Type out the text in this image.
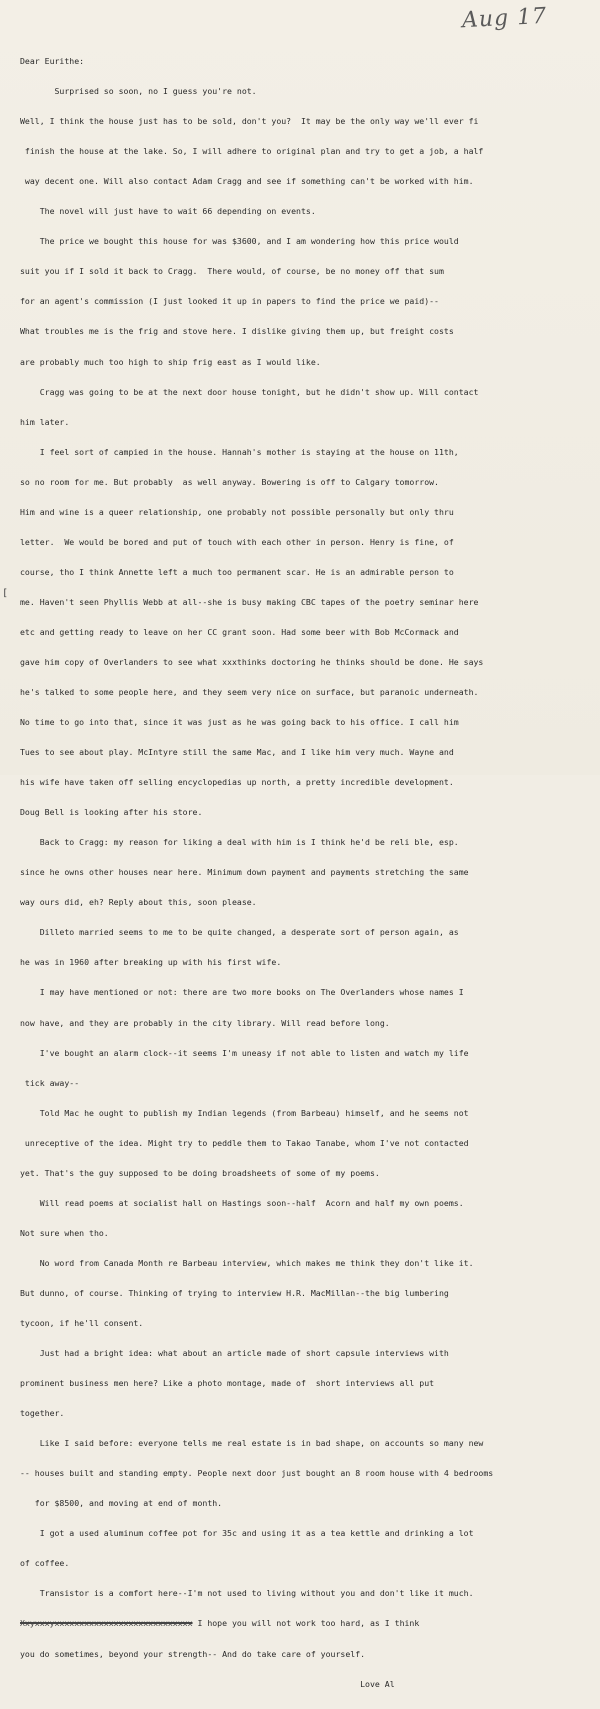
Aug 17
[

Dear Eurithe:

Surprised so soon, no I guess you're not.

Well, I think the house just has to be sold, don't you?  It may be the only way we'll ever fi

finish the house at the lake. So, I will adhere to original plan and try to get a job, a half

way decent one. Will also contact Adam Cragg and see if something can't be worked with him.

The novel will just have to wait 66 depending on events.

The price we bought this house for was $3600, and I am wondering how this price would

suit you if I sold it back to Cragg.  There would, of course, be no money off that sum

for an agent's commission (I just looked it up in papers to find the price we paid)--

What troubles me is the frig and stove here. I dislike giving them up, but freight costs

are probably much too high to ship frig east as I would like.

Cragg was going to be at the next door house tonight, but he didn't show up. Will contact

him later.

I feel sort of campied in the house. Hannah's mother is staying at the house on 11th,

so no room for me. But probably  as well anyway. Bowering is off to Calgary tomorrow.

Him and wine is a queer relationship, one probably not possible personally but only thru

letter.  We would be bored and put of touch with each other in person. Henry is fine, of

course, tho I think Annette left a much too permanent scar. He is an admirable person to

me. Haven't seen Phyllis Webb at all--she is busy making CBC tapes of the poetry seminar here

etc and getting ready to leave on her CC grant soon. Had some beer with Bob McCormack and

gave him copy of Overlanders to see what xxxthinks doctoring he thinks should be done. He says

he's talked to some people here, and they seem very nice on surface, but paranoic underneath.

No time to go into that, since it was just as he was going back to his office. I call him

Tues to see about play. McIntyre still the same Mac, and I like him very much. Wayne and

his wife have taken off selling encyclopedias up north, a pretty incredible development.

Doug Bell is looking after his store.

Back to Cragg: my reason for liking a deal with him is I think he'd be reli ble, esp.

since he owns other houses near here. Minimum down payment and payments stretching the same

way ours did, eh? Reply about this, soon please.

Dilleto married seems to me to be quite changed, a desperate sort of person again, as

he was in 1960 after breaking up with his first wife.

I may have mentioned or not: there are two more books on The Overlanders whose names I

now have, and they are probably in the city library. Will read before long.

I've bought an alarm clock--it seems I'm uneasy if not able to listen and watch my life

tick away--

Told Mac he ought to publish my Indian legends (from Barbeau) himself, and he seems not

unreceptive of the idea. Might try to peddle them to Takao Tanabe, whom I've not contacted

yet. That's the guy supposed to be doing broadsheets of some of my poems.

Will read poems at socialist hall on Hastings soon--half  Acorn and half my own poems.

Not sure when tho.

No word from Canada Month re Barbeau interview, which makes me think they don't like it.

But dunno, of course. Thinking of trying to interview H.R. MacMillan--the big lumbering

tycoon, if he'll consent.

Just had a bright idea: what about an article made of short capsule interviews with

prominent business men here? Like a photo montage, made of  short interviews all put

together.

Like I said before: everyone tells me real estate is in bad shape, on accounts so many new

-- houses built and standing empty. People next door just bought an 8 room house with 4 bedrooms

for $8500, and moving at end of month.

I got a used aluminum coffee pot for 35c and using it as a tea kettle and drinking a lot

of coffee.

Transistor is a comfort here--I'm not used to living without you and don't like it much.

Xxyxxxyxxxxxxxxxxxxxxxxxxxxxxxxxxxx I hope you will not work too hard, as I think

you do sometimes, beyond your strength-- And do take care of yourself.

Love Al
